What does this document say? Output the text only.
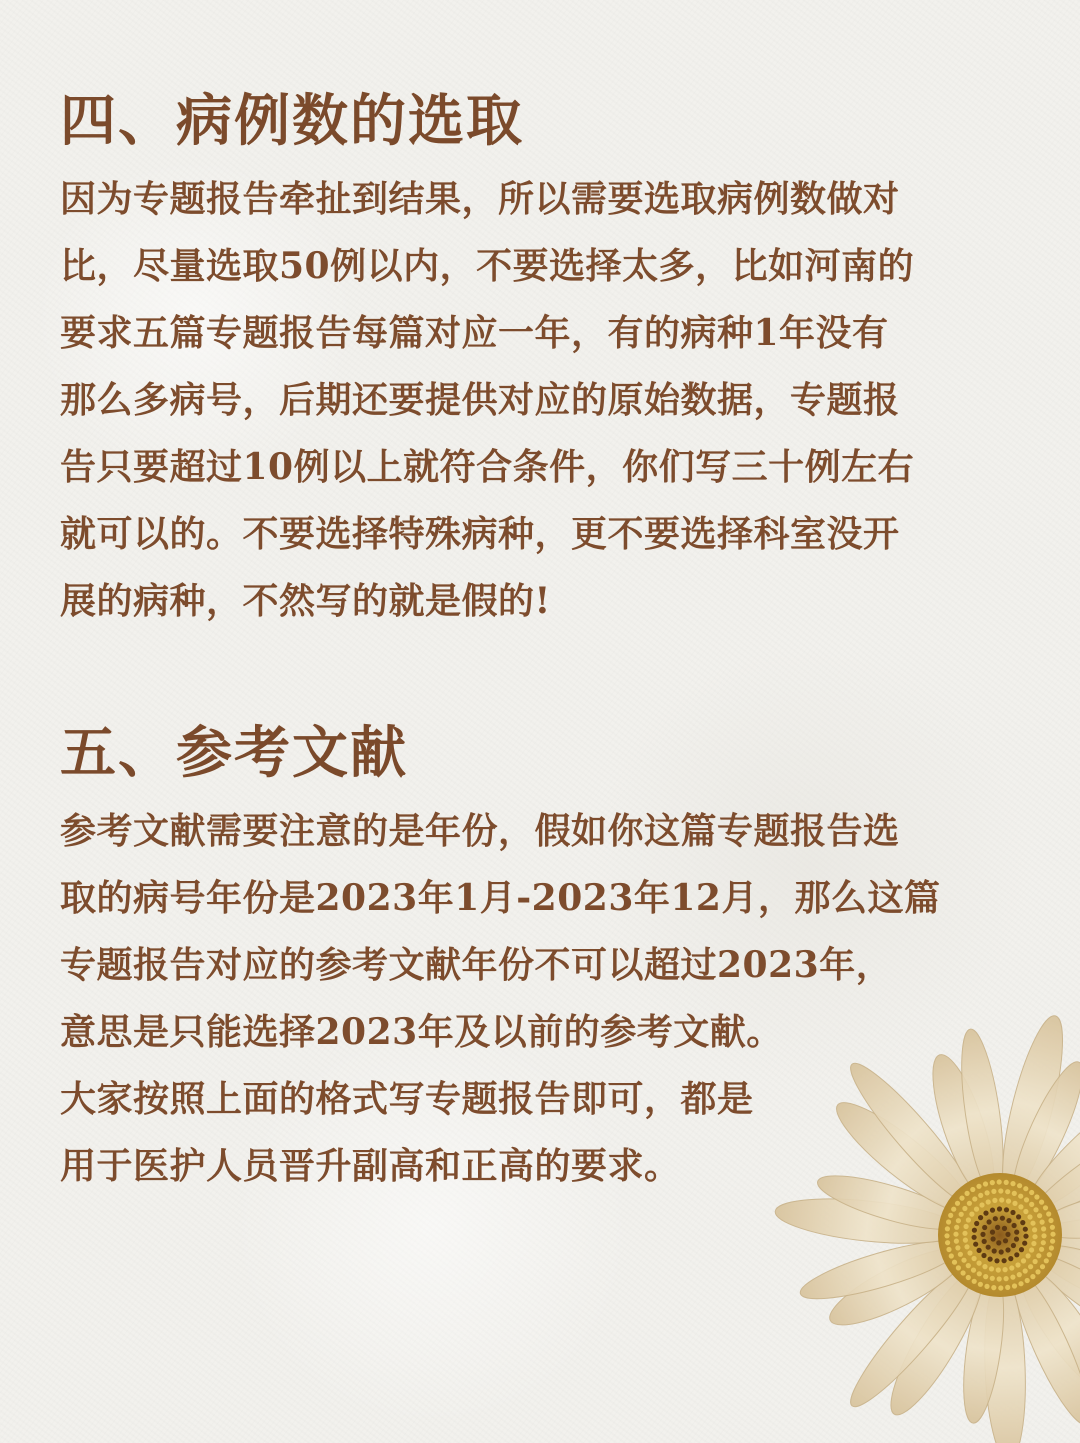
四、病例数的选取
因为专题报告牵扯到结果，所以需要选取病例数做对
比，尽量选取50例以内，不要选择太多，比如河南的
要求五篇专题报告每篇对应一年，有的病种1年没有
那么多病号，后期还要提供对应的原始数据，专题报
告只要超过10例以上就符合条件，你们写三十例左右
就可以的。不要选择特殊病种，更不要选择科室没开
展的病种，不然写的就是假的!
五、参考文献
参考文献需要注意的是年份，假如你这篇专题报告选
取的病号年份是2023年1月-2023年12月，那么这篇
专题报告对应的参考文献年份不可以超过2023年，
意思是只能选择2023年及以前的参考文献。
大家按照上面的格式写专题报告即可，都是
用于医护人员晋升副高和正高的要求。
